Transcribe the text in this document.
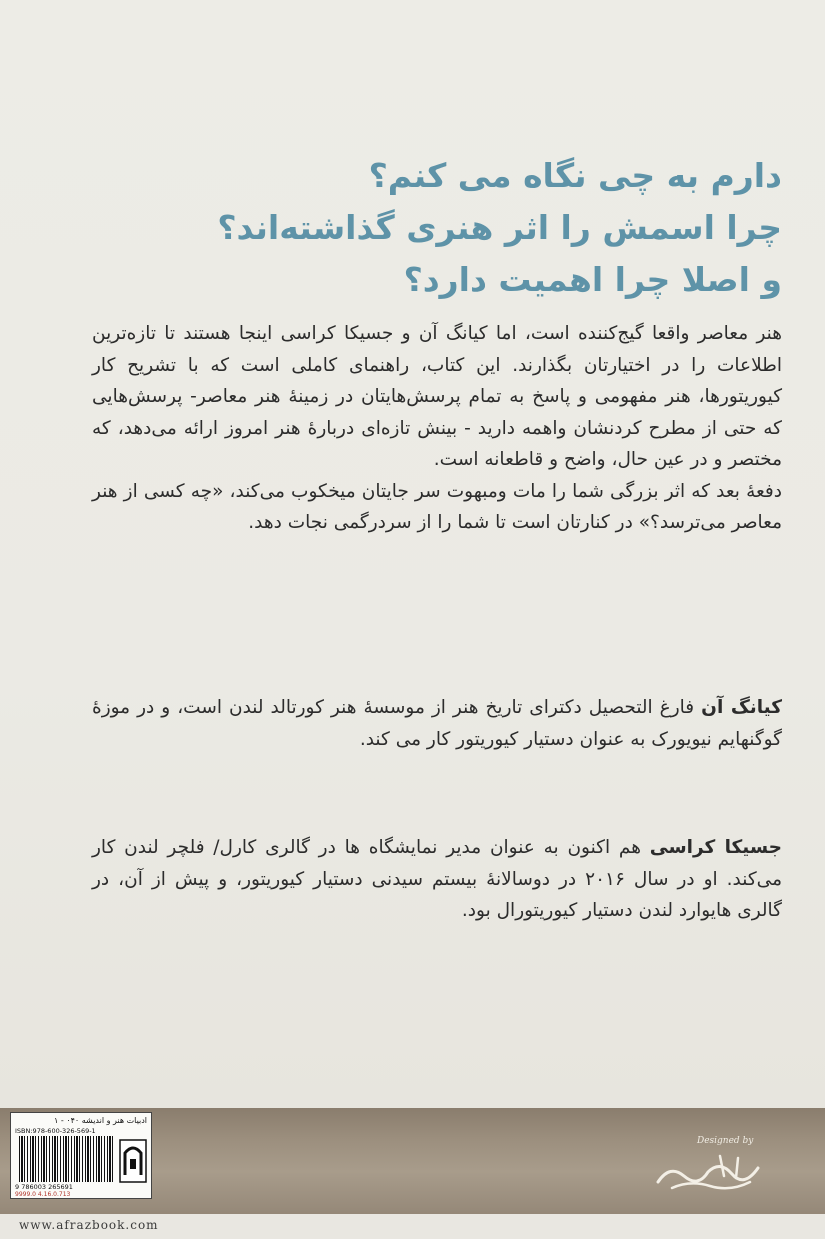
دارم به چی نگاه می کنم؟
چرا اسمش را اثر هنری گذاشته‌اند؟
و اصلا چرا اهمیت دارد؟

هنر معاصر واقعا گیج‌کننده است، اما کیانگ آن و جسیکا کراسی اینجا هستند تا تازه‌ترین اطلاعات را در اختیارتان بگذارند. این کتاب، راهنمای کاملی است که با تشریح کار کیوریتورها، هنر مفهومی و پاسخ به تمام پرسش‌هایتان در زمینهٔ هنر معاصر- پرسش‌هایی که حتی از مطرح کردنشان واهمه دارید - بینش تازه‌ای دربارهٔ هنر امروز ارائه می‌دهد، که مختصر و در عین حال، واضح و قاطعانه است.

دفعهٔ بعد که اثر بزرگی شما را مات ومبهوت سر جایتان میخکوب می‌کند، «چه کسی از هنر معاصر می‌ترسد؟» در کنارتان است تا شما را از سردرگمی نجات دهد.

کیانگ آن فارغ التحصیل دکترای تاریخ هنر از موسسهٔ هنر کورتالد لندن است، و در موزهٔ گوگنهایم نیویورک به عنوان دستیار کیوریتور کار می کند.

جسیکا کراسی هم اکنون به عنوان مدیر نمایشگاه ها در گالری کارل/ فلچر لندن کار می‌کند. او در سال ۲۰۱۶ در دوسالانهٔ بیستم سیدنی دستیار کیوریتور، و پیش از آن، در گالری هایوارد لندن دستیار کیوریتورال بود.

ادبیات هنر و اندیشه ۰۴۰ - ۱
ISBN:978-600-326-569-1
9 786003 265691
9999.0 4.16.0.713
Designed by
www.afrazbook.com
